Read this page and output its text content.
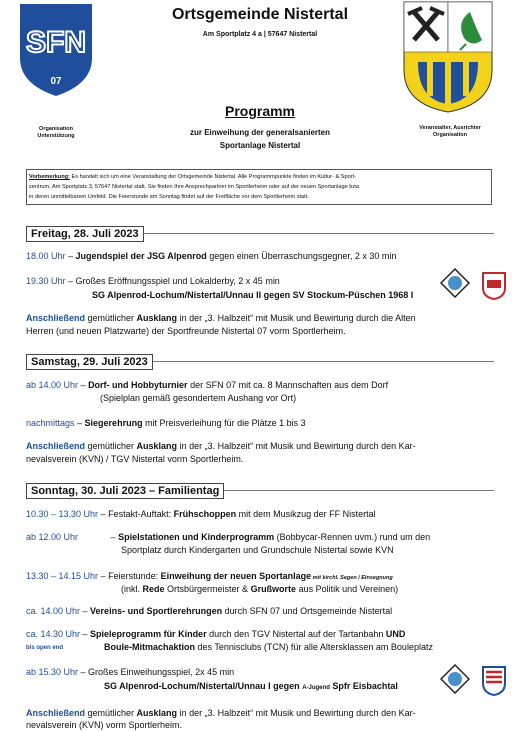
SFN
07
Organisation
Unterstützung
Ortsgemeinde Nistertal
Am Sportplatz 4 a | 57647 Nistertal
Veranstalter, Ausrichter
Organisation
Programm
zur Einweihung der generalsanierten
Sportanlage Nistertal
Vorbemerkung: Es handelt sich um eine Veranstaltung der Ortsgemeinde Nistertal. Alle Programmpunkte finden im Kultur- & Sport-
zentrum, Am Sportplatz 3, 57647 Nistertal statt. Sie finden Ihre Ansprechpartner im Sportlerheim oder auf der neuen Sportanlage bzw.
in deren unmittelbarem Umfeld. Die Feierstunde am Sonntag findet auf der Freifläche vor dem Sportlerheim statt.
Freitag, 28. Juli 2023
18.00 Uhr – Jugendspiel der JSG Alpenrod gegen einen Überraschungsgegner, 2 x 30 min
19.30 Uhr – Großes Eröffnungsspiel und Lokalderby, 2 x 45 min
SG Alpenrod-Lochum/Nistertal/Unnau II gegen SV Stockum-Püschen 1968 I
Anschließend gemütlicher Ausklang in der „3. Halbzeit“ mit Musik und Bewirtung durch die Alten
Herren (und neuen Platzwarte) der Sportfreunde Nistertal 07 vorm Sportlerheim.
Samstag, 29. Juli 2023
ab 14.00 Uhr – Dorf- und Hobbyturnier der SFN 07 mit ca. 8 Mannschaften aus dem Dorf
(Spielplan gemäß gesondertem Aushang vor Ort)
nachmittags – Siegerehrung mit Preisverleihung für die Plätze 1 bis 3
Anschließend gemütlicher Ausklang in der „3. Halbzeit“ mit Musik und Bewirtung durch den Kar-
nevalsverein (KVN) / TGV Nistertal vorm Sportlerheim.
Sonntag, 30. Juli 2023 – Familientag
10.30 – 13.30 Uhr – Festakt-Auftakt: Frühschoppen mit dem Musikzug der FF Nistertal
ab 12.00 Uhr	– Spielstationen und Kinderprogramm (Bobbycar-Rennen uvm.) rund um den
Sportplatz durch Kindergarten und Grundschule Nistertal sowie KVN
13.30 – 14.15 Uhr – Feierstunde: Einweihung der neuen Sportanlage mit kirchl. Segen / Einsegnung
(inkl. Rede Ortsbürgermeister & Grußworte aus Politik und Vereinen)
ca. 14.00 Uhr – Vereins- und Sportlerehrungen durch SFN 07 und Ortsgemeinde Nistertal
ca. 14.30 Uhr – Spieleprogramm für Kinder durch den TGV Nistertal auf der Tartanbahn UND
bis open end	Boule-Mitmachaktion des Tennisclubs (TCN) für alle Altersklassen am Bouleplatz
ab 15.30 Uhr – Großes Einweihungsspiel, 2x 45 min
SG Alpenrod-Lochum/Nistertal/Unnau I gegen A-Jugend Spfr Eisbachtal
Anschließend gemütlicher Ausklang in der „3. Halbzeit“ mit Musik und Bewirtung durch den Kar-
nevalsverein (KVN) vorm Sportlerheim.
